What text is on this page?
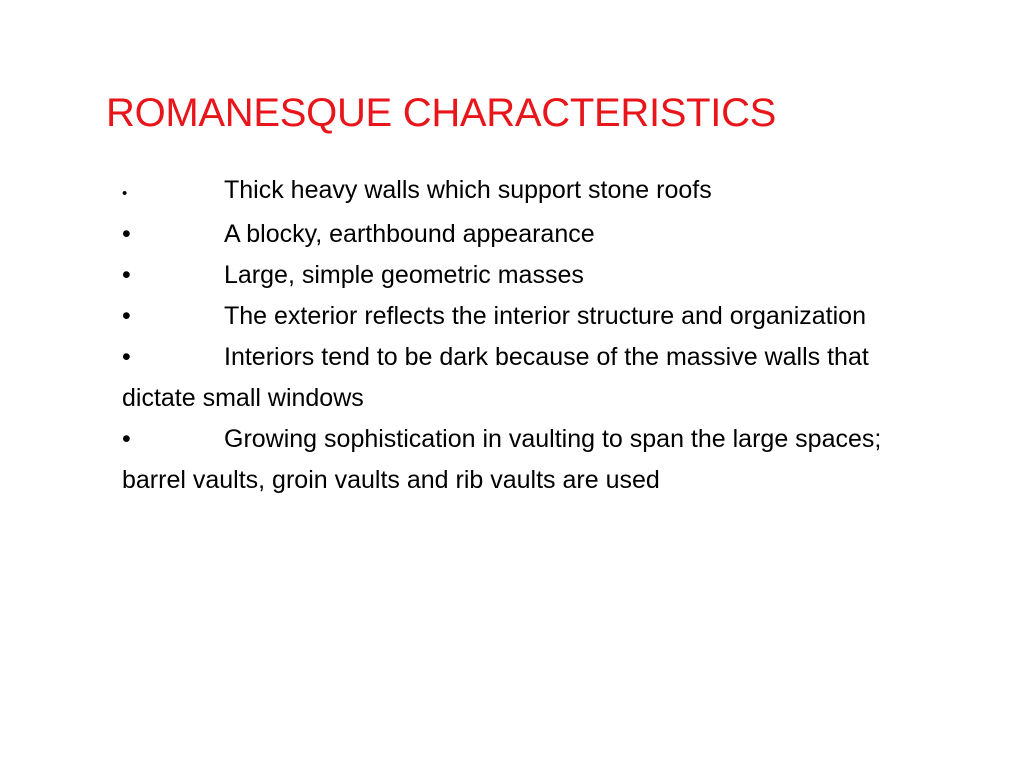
ROMANESQUE CHARACTERISTICS
•	Thick heavy walls which support stone roofs
•	A blocky, earthbound appearance
•	Large, simple geometric masses
•	The exterior reflects the interior structure and organization
•	Interiors tend to be dark because of the massive walls that dictate small windows
•	Growing sophistication in vaulting to span the large spaces; barrel vaults, groin vaults and rib vaults are used
